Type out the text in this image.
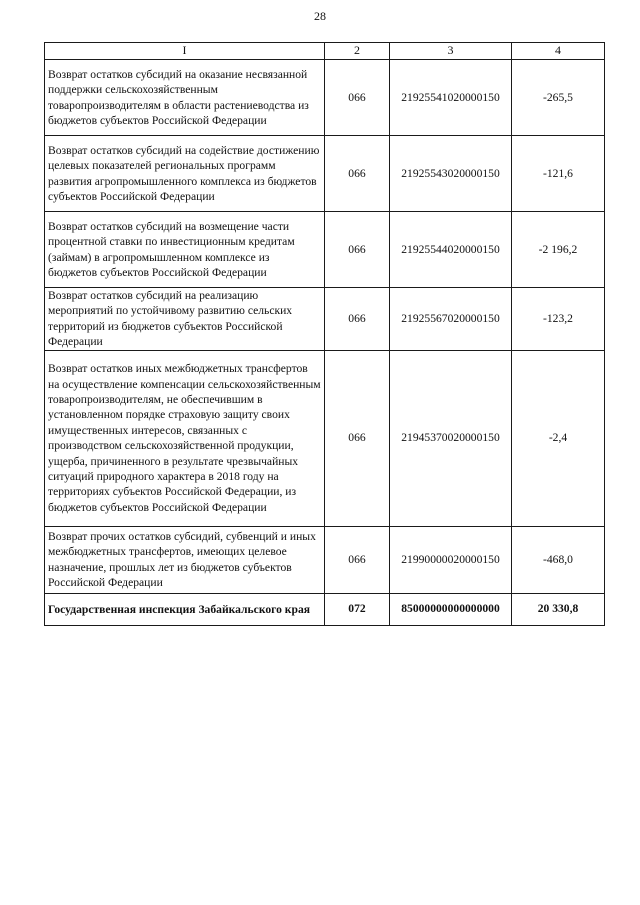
28
I	2	3	4
Возврат остатков субсидий на оказание несвязанной поддержки сельскохозяйственным товаропроизводителям в области растениеводства из бюджетов субъектов Российской Федерации	066	21925541020000150	-265,5
Возврат остатков субсидий на содействие достижению целевых показателей региональных программ развития агропромышленного комплекса из бюджетов субъектов Российской Федерации	066	21925543020000150	-121,6
Возврат остатков субсидий на возмещение части процентной ставки по инвестиционным кредитам (займам) в агропромышленном комплексе из бюджетов субъектов Российской Федерации	066	21925544020000150	-2 196,2
Возврат остатков субсидий на реализацию мероприятий по устойчивому развитию сельских территорий из бюджетов субъектов Российской Федерации	066	21925567020000150	-123,2
Возврат остатков иных межбюджетных трансфертов на осуществление компенсации сельскохозяйственным товаропроизводителям, не обеспечившим в установленном порядке страховую защиту своих имущественных интересов, связанных с производством сельскохозяйственной продукции, ущерба, причиненного в результате чрезвычайных ситуаций природного характера в 2018 году на территориях субъектов Российской Федерации, из бюджетов субъектов Российской Федерации	066	21945370020000150	-2,4
Возврат прочих остатков субсидий, субвенций и иных межбюджетных трансфертов, имеющих целевое назначение, прошлых лет из бюджетов субъектов Российской Федерации	066	21990000020000150	-468,0
Государственная инспекция Забайкальского края	072	85000000000000000	20 330,8
